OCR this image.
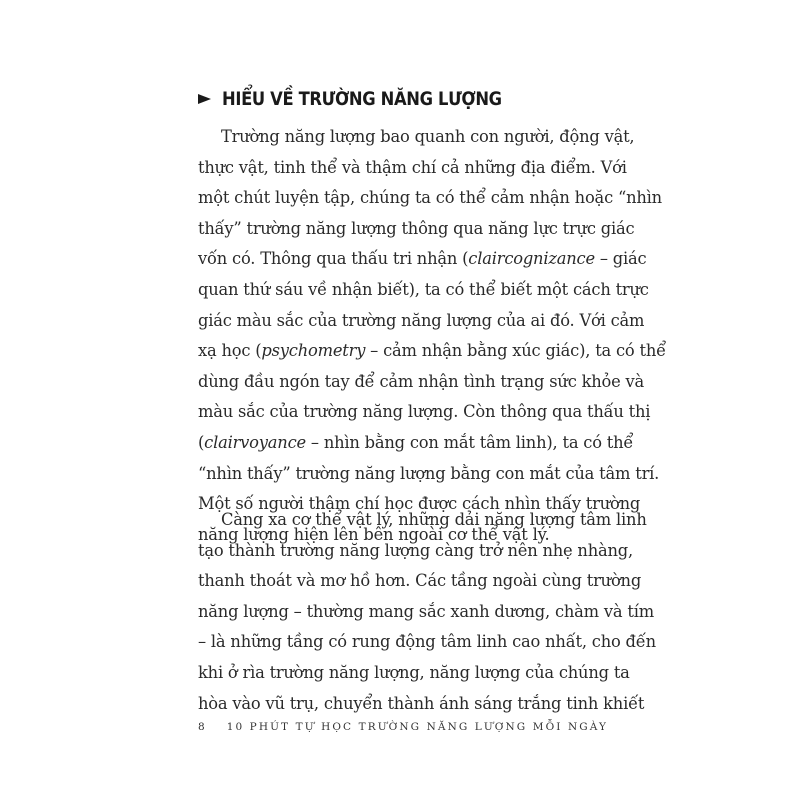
HIỂU VỀ TRƯỜNG NĂNG LƯỢNG
Trường năng lượng bao quanh con người, động vật,
thực vật, tinh thể và thậm chí cả những địa điểm. Với
một chút luyện tập, chúng ta có thể cảm nhận hoặc “nhìn
thấy” trường năng lượng thông qua năng lực trực giác
vốn có. Thông qua thấu tri nhận (claircognizance – giác
quan thứ sáu về nhận biết), ta có thể biết một cách trực
giác màu sắc của trường năng lượng của ai đó. Với cảm
xạ học (psychometry – cảm nhận bằng xúc giác), ta có thể
dùng đầu ngón tay để cảm nhận tình trạng sức khỏe và
màu sắc của trường năng lượng. Còn thông qua thấu thị
(clairvoyance – nhìn bằng con mắt tâm linh), ta có thể
“nhìn thấy” trường năng lượng bằng con mắt của tâm trí.
Một số người thậm chí học được cách nhìn thấy trường
năng lượng hiện lên bên ngoài cơ thể vật lý.
Càng xa cơ thể vật lý, những dải năng lượng tâm linh
tạo thành trường năng lượng càng trở nên nhẹ nhàng,
thanh thoát và mơ hồ hơn. Các tầng ngoài cùng trường
năng lượng – thường mang sắc xanh dương, chàm và tím
– là những tầng có rung động tâm linh cao nhất, cho đến
khi ở rìa trường năng lượng, năng lượng của chúng ta
hòa vào vũ trụ, chuyển thành ánh sáng trắng tinh khiết
8 10 PHÚT TỰ HỌC TRƯỜNG NĂNG LƯỢNG MỖI NGÀY
